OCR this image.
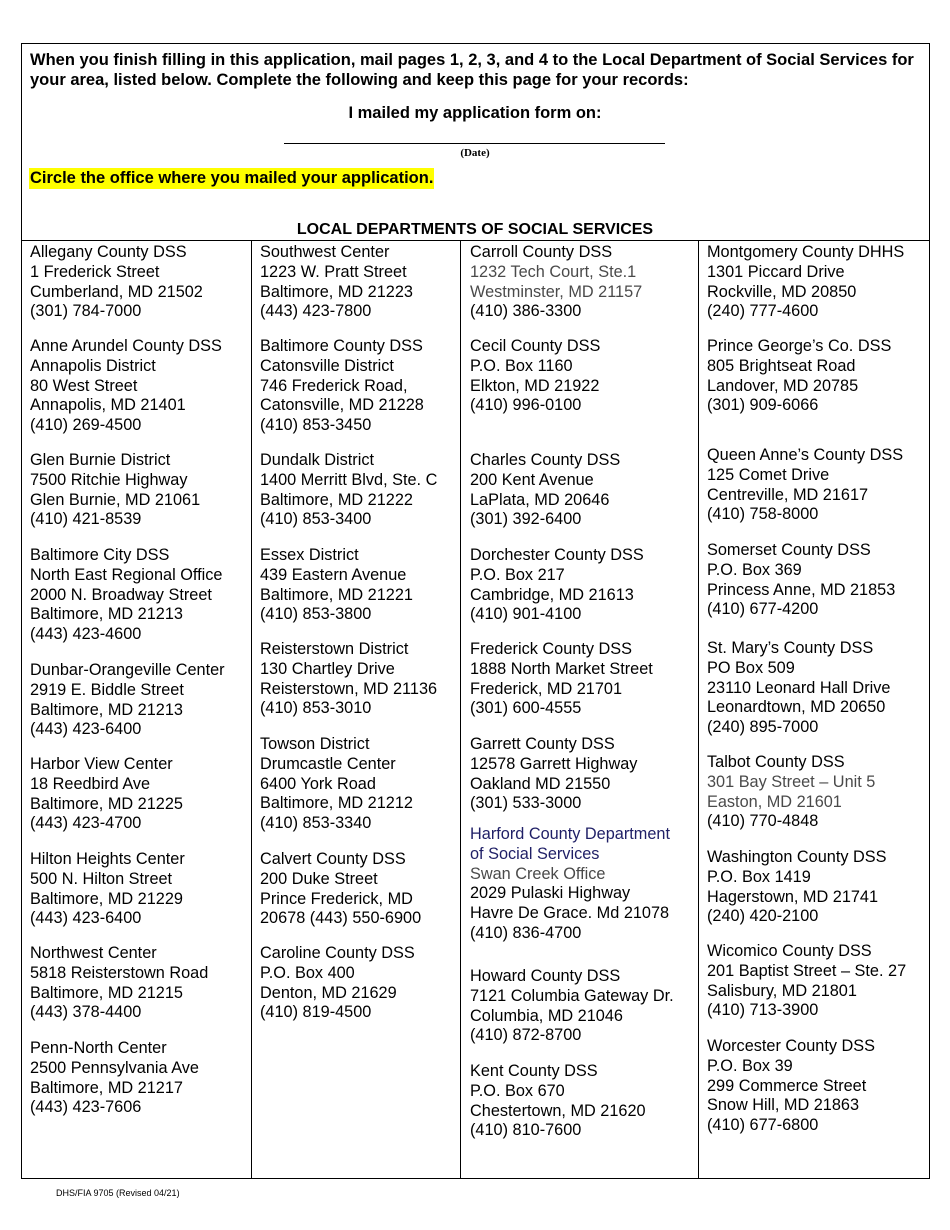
When you finish filling in this application, mail pages 1, 2, 3, and 4 to the Local Department of Social Services for your area, listed below. Complete the following and keep this page for your records:
I mailed my application form on:
(Date)
Circle the office where you mailed your application.
LOCAL DEPARTMENTS OF SOCIAL SERVICES
Allegany County DSS
1 Frederick Street
Cumberland, MD 21502
(301) 784-7000
Anne Arundel County DSS
Annapolis District
80 West Street
Annapolis, MD 21401
(410) 269-4500
Glen Burnie District
7500 Ritchie Highway
Glen Burnie, MD 21061
(410) 421-8539
Baltimore City DSS
North East Regional Office
2000 N. Broadway Street
Baltimore, MD 21213
(443) 423-4600
Dunbar-Orangeville Center
2919 E. Biddle Street
Baltimore, MD 21213
(443) 423-6400
Harbor View Center
18 Reedbird Ave
Baltimore, MD 21225
(443) 423-4700
Hilton Heights Center
500 N. Hilton Street
Baltimore, MD 21229
(443) 423-6400
Northwest Center
5818 Reisterstown Road
Baltimore, MD 21215
(443) 378-4400
Penn-North Center
2500 Pennsylvania Ave
Baltimore, MD 21217
(443) 423-7606
Southwest Center
1223 W. Pratt Street
Baltimore, MD 21223
(443) 423-7800
Baltimore County DSS
Catonsville District
746 Frederick Road,
Catonsville, MD 21228
(410) 853-3450
Dundalk District
1400 Merritt Blvd, Ste. C
Baltimore, MD 21222
(410) 853-3400
Essex District
439 Eastern Avenue
Baltimore, MD 21221
(410) 853-3800
Reisterstown District
130 Chartley Drive
Reisterstown, MD 21136
(410) 853-3010
Towson District
Drumcastle Center
6400 York Road
Baltimore, MD 21212
(410) 853-3340
Calvert County DSS
200 Duke Street
Prince Frederick, MD
20678 (443) 550-6900
Caroline County DSS
P.O. Box 400
Denton, MD 21629
(410) 819-4500
Carroll County DSS
1232 Tech Court, Ste.1
Westminster, MD 21157
(410) 386-3300
Cecil County DSS
P.O. Box 1160
Elkton, MD 21922
(410) 996-0100
Charles County DSS
200 Kent Avenue
LaPlata, MD 20646
(301) 392-6400
Dorchester County DSS
P.O. Box 217
Cambridge, MD 21613
(410) 901-4100
Frederick County DSS
1888 North Market Street
Frederick, MD 21701
(301) 600-4555
Garrett County DSS
12578 Garrett Highway
Oakland MD 21550
(301) 533-3000
Harford County Department
of Social Services
Swan Creek Office
2029 Pulaski Highway
Havre De Grace. Md 21078
(410) 836-4700
Howard County DSS
7121 Columbia Gateway Dr.
Columbia, MD 21046
(410) 872-8700
Kent County DSS
P.O. Box 670
Chestertown, MD 21620
(410) 810-7600
Montgomery County DHHS
1301 Piccard Drive
Rockville, MD 20850
(240) 777-4600
Prince George’s Co. DSS
805 Brightseat Road
Landover, MD 20785
(301) 909-6066
Queen Anne’s County DSS
125 Comet Drive
Centreville, MD 21617
(410) 758-8000
Somerset County DSS
P.O. Box 369
Princess Anne, MD 21853
(410) 677-4200
St. Mary’s County DSS
PO Box 509
23110 Leonard Hall Drive
Leonardtown, MD 20650
(240) 895-7000
Talbot County DSS
301 Bay Street – Unit 5
Easton, MD 21601
(410) 770-4848
Washington County DSS
P.O. Box 1419
Hagerstown, MD 21741
(240) 420-2100
Wicomico County DSS
201 Baptist Street – Ste. 27
Salisbury, MD 21801
(410) 713-3900
Worcester County DSS
P.O. Box 39
299 Commerce Street
Snow Hill, MD 21863
(410) 677-6800
DHS/FIA 9705 (Revised 04/21)
